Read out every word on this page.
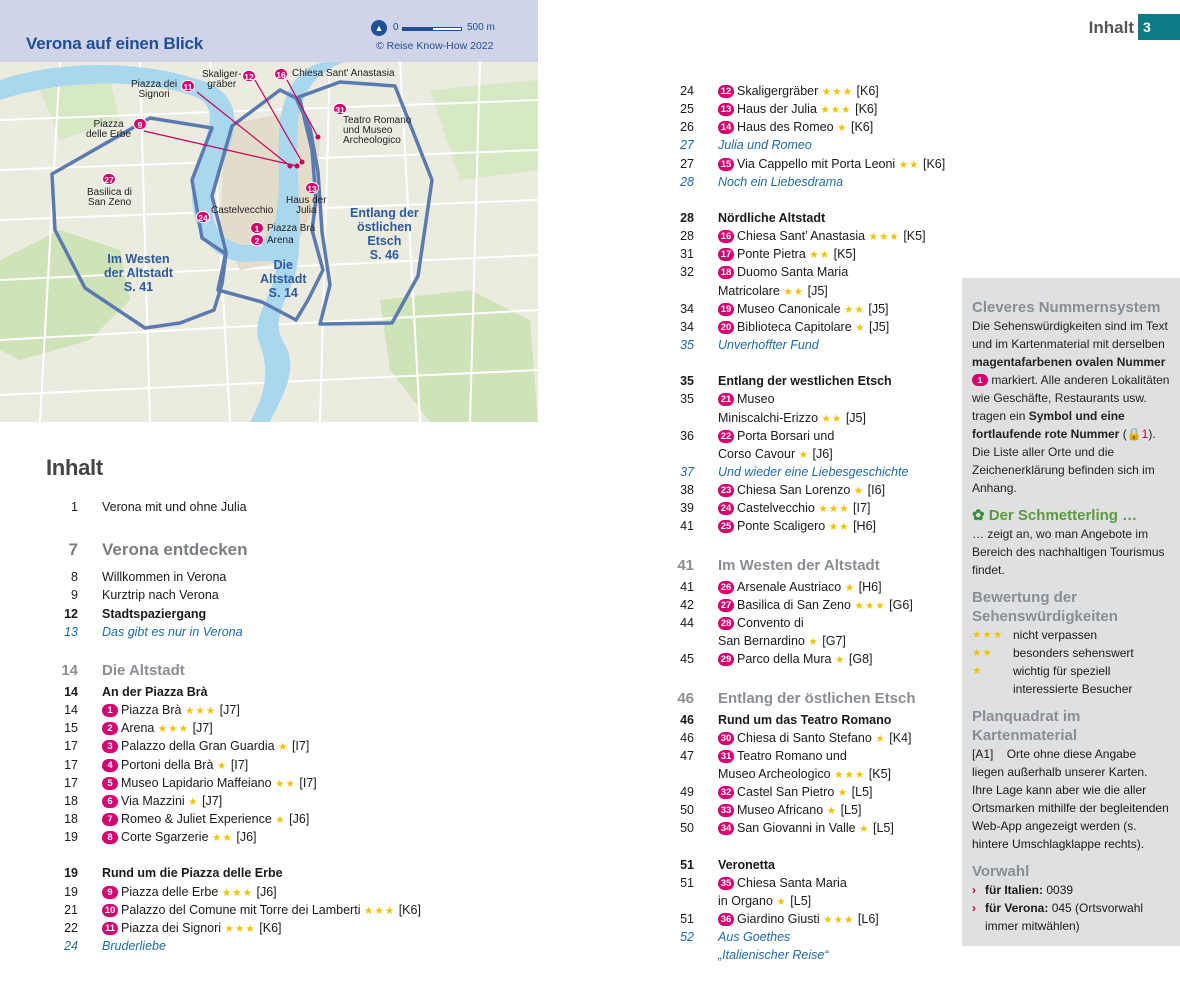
Verona auf einen Blick
▲ 0	500 m
© Reise Know-How 2022
Skaliger-
gräber
12	16 Chiesa Sant' Anastasia
Piazza dei
Signori
11
31
Teatro Romano
und Museo
Archeologico
Piazza
delle Erbe
9
27
Basilica di
San Zeno
13
Haus der
Julia
Castelvecchio
24
1 Piazza Brà
2 Arena
Im Westen
der Altstadt
S. 41
Die
Altstadt
S. 14
Entlang der
östlichen
Etsch
S. 46
Inhalt 3
Inhalt
1 Verona mit und ohne Julia
7 Verona entdecken
8 Willkommen in Verona
9 Kurztrip nach Verona
12 Stadtspaziergang
13 Das gibt es nur in Verona
14 Die Altstadt
14 An der Piazza Brà
14	1 Piazza Brà ★★★ [J7]
15	2 Arena ★★★ [J7]
17	3 Palazzo della Gran Guardia ★ [I7]
17	4 Portoni della Brà ★ [I7]
17	5 Museo Lapidario Maffeiano ★★ [I7]
18	6 Via Mazzini ★ [J7]
18	7 Romeo & Juliet Experience ★ [J6]
19	8 Corte Sgarzerie ★★ [J6]
19 Rund um die Piazza delle Erbe
19	9 Piazza delle Erbe ★★★ [J6]
21	10 Palazzo del Comune mit Torre dei Lamberti ★★★ [K6]
22	11 Piazza dei Signori ★★★ [K6]
24 Bruderliebe
24	12 Skaligergräber ★★★ [K6]
25	13 Haus der Julia ★★★ [K6]
26	14 Haus des Romeo ★ [K6]
27 Julia und Romeo
27	15 Via Cappello mit Porta Leoni ★★ [K6]
28 Noch ein Liebesdrama
28 Nördliche Altstadt
28	16 Chiesa Sant’ Anastasia ★★★ [K5]
31	17 Ponte Pietra ★★ [K5]
32	18 Duomo Santa Maria
Matricolare ★★ [J5]
34	19 Museo Canonicale ★★ [J5]
34	20 Biblioteca Capitolare ★ [J5]
35 Unverhoffter Fund
35 Entlang der westlichen Etsch
35	21 Museo
Miniscalchi-Erizzo ★★ [J5]
36	22 Porta Borsari und
Corso Cavour ★ [J6]
37 Und wieder eine Liebesgeschichte
38	23 Chiesa San Lorenzo ★ [I6]
39	24 Castelvecchio ★★★ [I7]
41	25 Ponte Scaligero ★★ [H6]
41 Im Westen der Altstadt
41	26 Arsenale Austriaco ★ [H6]
42	27 Basilica di San Zeno ★★★ [G6]
44	28 Convento di
San Bernardino ★ [G7]
45	29 Parco della Mura ★ [G8]
46 Entlang der östlichen Etsch
46 Rund um das Teatro Romano
46	30 Chiesa di Santo Stefano ★ [K4]
47	31 Teatro Romano und
Museo Archeologico ★★★ [K5]
49	32 Castel San Pietro ★ [L5]
50	33 Museo Africano ★ [L5]
50	34 San Giovanni in Valle ★ [L5]
51 Veronetta
51	35 Chiesa Santa Maria
in Organo ★ [L5]
51	36 Giardino Giusti ★★★ [L6]
52 Aus Goethes
„Italienischer Reise“
Cleveres Nummernsystem
Die Sehenswürdigkeiten sind im Text und im Kartenmaterial mit derselben magentafarbenen ovalen Nummer 1 markiert. Alle anderen Lokalitäten wie Geschäfte, Restaurants usw. tragen ein Symbol und eine fortlaufende rote Nummer (🔒1). Die Liste aller Orte und die Zeichenerklärung befinden sich im Anhang.
✿ Der Schmetterling …
… zeigt an, wo man Angebote im Bereich des nachhaltigen Tourismus findet.
Bewertung der Sehenswürdigkeiten
★★★ nicht verpassen
★★ besonders sehenswert
★	wichtig für speziell
interessierte Besucher
Planquadrat im Kartenmaterial
[A1] Orte ohne diese Angabe liegen außerhalb unserer Karten. Ihre Lage kann aber wie die aller Ortsmarken mithilfe der begleitenden Web-App angezeigt werden (s. hintere Umschlagklappe rechts).
Vorwahl
› für Italien: 0039
› für Verona: 045 (Ortsvorwahl immer mitwählen)
